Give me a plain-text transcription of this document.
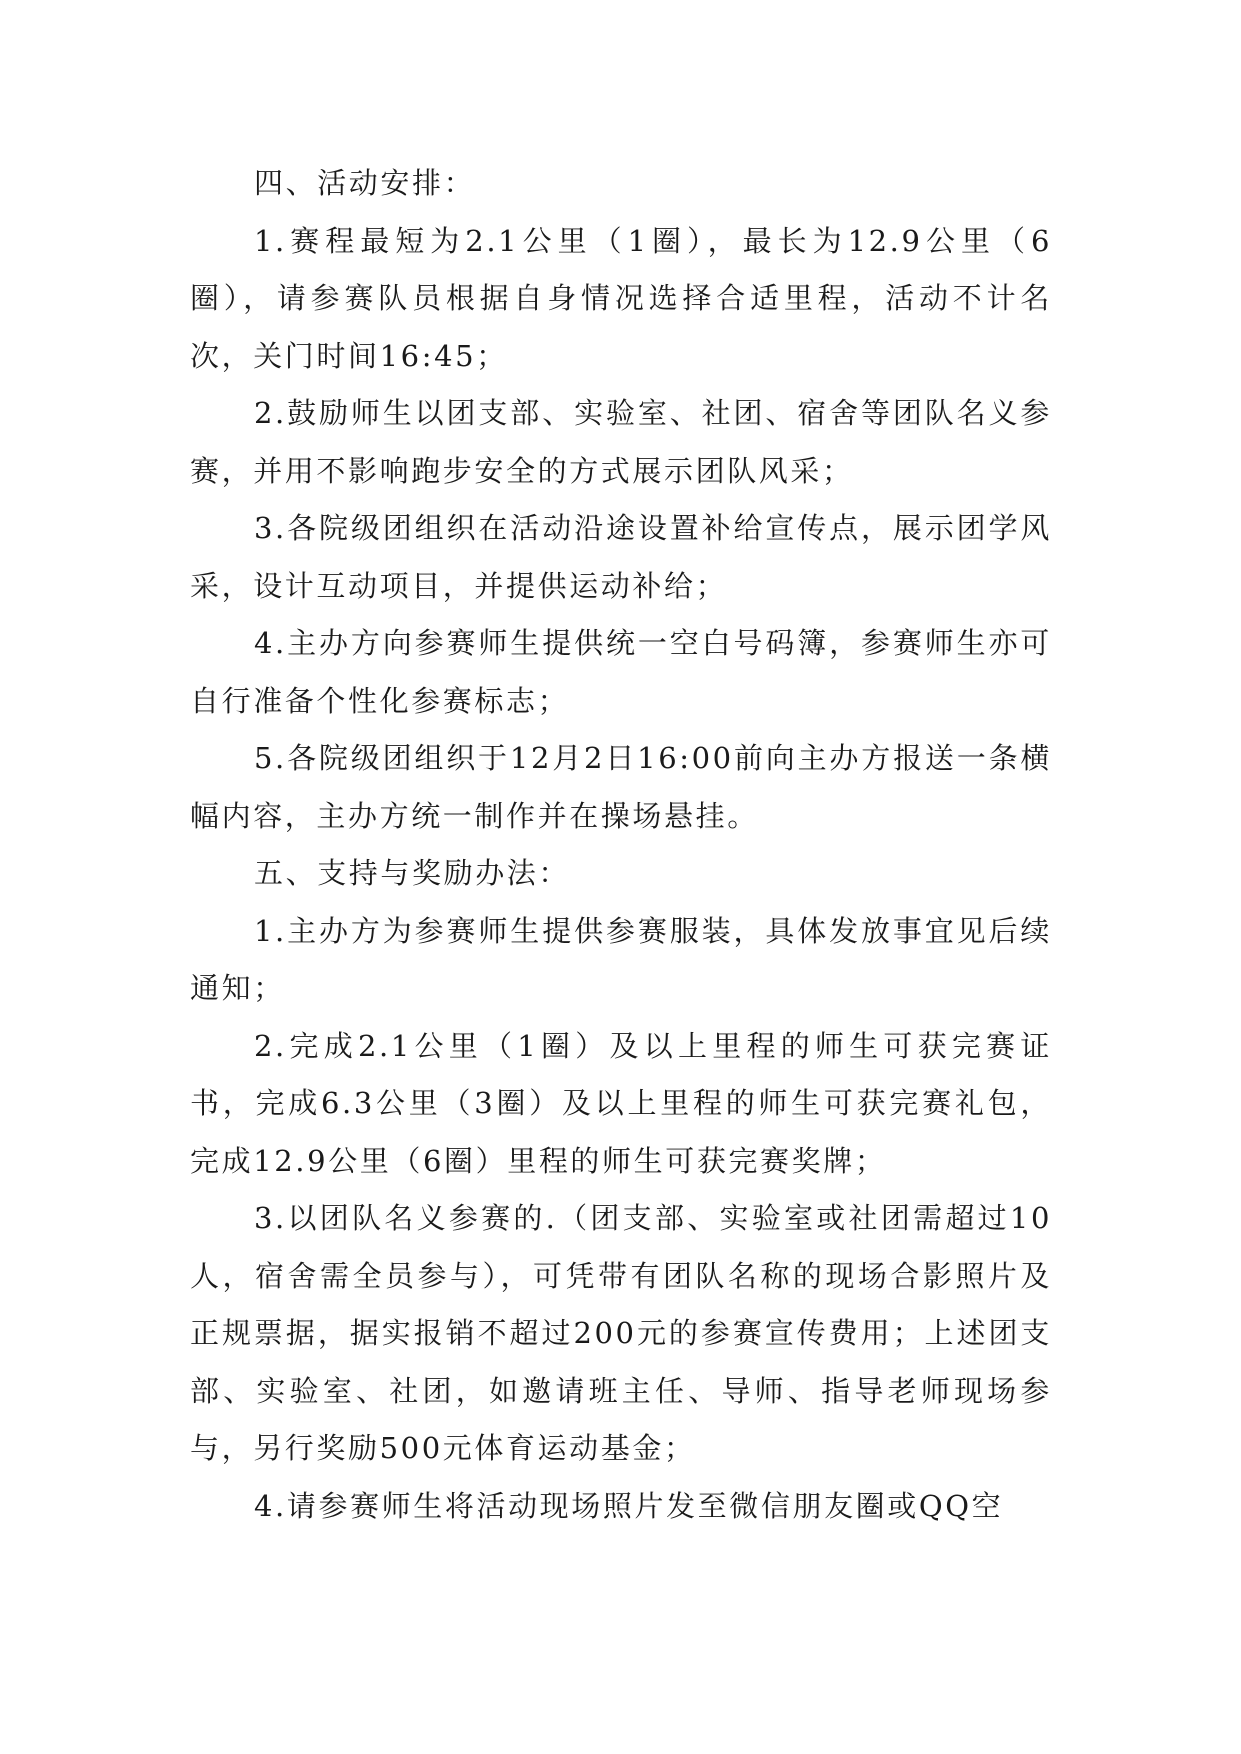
四、活动安排：

1.赛程最短为2.1公里（1圈），最长为12.9公里（6圈），请参赛队员根据自身情况选择合适里程，活动不计名次，关门时间16:45；

2.鼓励师生以团支部、实验室、社团、宿舍等团队名义参赛，并用不影响跑步安全的方式展示团队风采；

3.各院级团组织在活动沿途设置补给宣传点，展示团学风采，设计互动项目，并提供运动补给；

4.主办方向参赛师生提供统一空白号码簿，参赛师生亦可自行准备个性化参赛标志；

5.各院级团组织于12月2日16:00前向主办方报送一条横幅内容，主办方统一制作并在操场悬挂。

五、支持与奖励办法：

1.主办方为参赛师生提供参赛服装，具体发放事宜见后续通知；

2.完成2.1公里（1圈）及以上里程的师生可获完赛证书，完成6.3公里（3圈）及以上里程的师生可获完赛礼包，完成12.9公里（6圈）里程的师生可获完赛奖牌；

3.以团队名义参赛的.（团支部、实验室或社团需超过10人，宿舍需全员参与），可凭带有团队名称的现场合影照片及正规票据，据实报销不超过200元的参赛宣传费用；上述团支部、实验室、社团，如邀请班主任、导师、指导老师现场参与，另行奖励500元体育运动基金；

4.请参赛师生将活动现场照片发至微信朋友圈或QQ空
